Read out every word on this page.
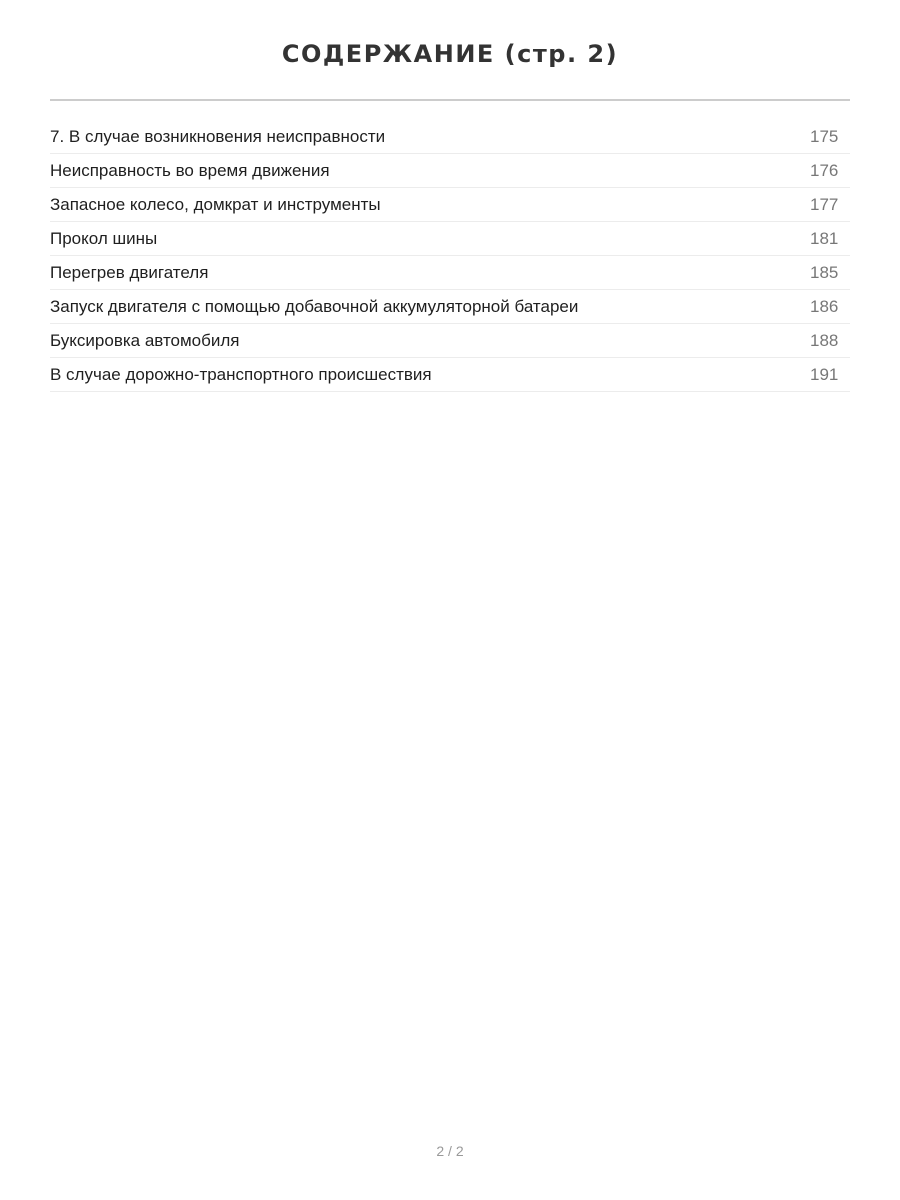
СОДЕРЖАНИЕ (стр. 2)
7. В случае возникновения неисправности	175
Неисправность во время движения	176
Запасное колесо, домкрат и инструменты	177
Прокол шины	181
Перегрев двигателя	185
Запуск двигателя с помощью добавочной аккумуляторной батареи	186
Буксировка автомобиля	188
В случае дорожно-транспортного происшествия	191
2 / 2
